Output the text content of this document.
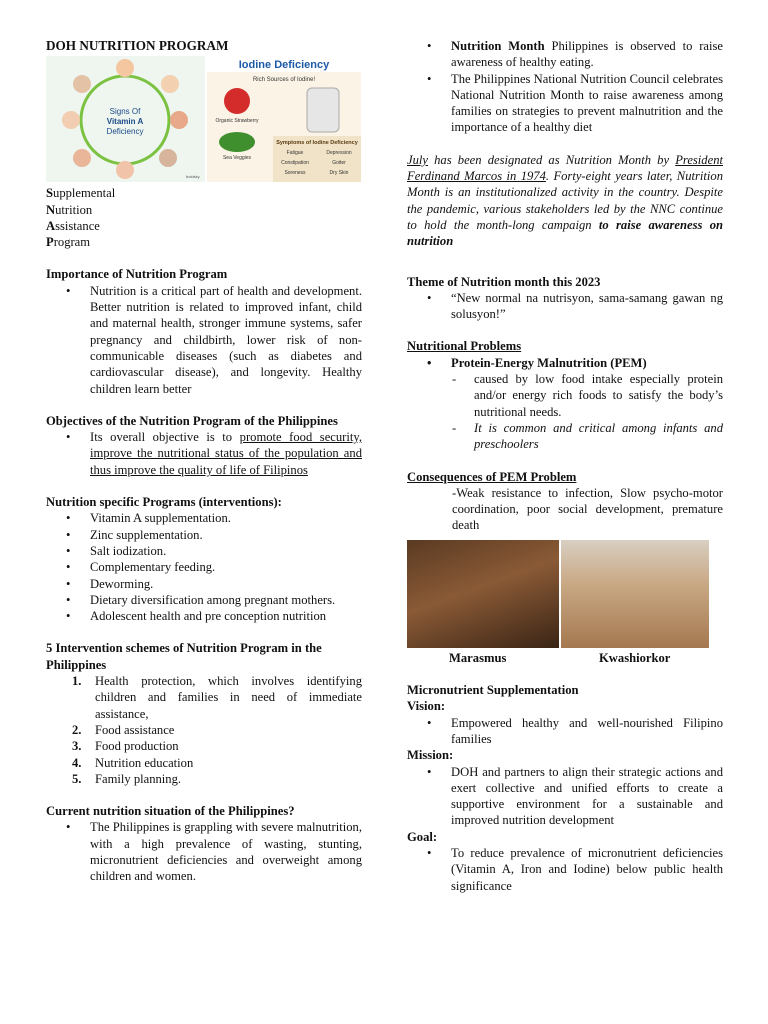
DOH NUTRITION PROGRAM
Signs Of
Vitamin A
Deficiency
boldsky
Iodine Deficiency
Rich Sources of Iodine!
Organic Strawberry
Sea Veggies
Symptoms of Iodine Deficiency
Fatigue	Depression
Constipation	Goiter
Soreness	Dry Skin
Supplemental
Nutrition
Assistance
Program
Importance of Nutrition Program
• Nutrition is a critical part of health and development. Better nutrition is related to improved infant, child and maternal health, stronger immune systems, safer pregnancy and childbirth, lower risk of non-communicable diseases (such as diabetes and cardiovascular disease), and longevity. Healthy children learn better
Objectives of the Nutrition Program of the Philippines
• Its overall objective is to promote food security, improve the nutritional status of the population and thus improve the quality of life of Filipinos
Nutrition specific Programs (interventions):
• Vitamin A supplementation.
• Zinc supplementation.
• Salt iodization.
• Complementary feeding.
• Deworming.
• Dietary diversification among pregnant mothers.
• Adolescent health and pre conception nutrition
5 Intervention schemes of Nutrition Program in the Philippines
1. Health protection, which involves identifying children and families in need of immediate assistance,
2. Food assistance
3. Food production
4. Nutrition education
5. Family planning.
Current nutrition situation of the Philippines?
• The Philippines is grappling with severe malnutrition, with a high prevalence of wasting, stunting, micronutrient deficiencies and overweight among children and women.
• Nutrition Month Philippines is observed to raise awareness of healthy eating.
• The Philippines National Nutrition Council celebrates National Nutrition Month to raise awareness among families on strategies to prevent malnutrition and the importance of a healthy diet

July has been designated as Nutrition Month by President Ferdinand Marcos in 1974. Forty-eight years later, Nutrition Month is an institutionalized activity in the country. Despite the pandemic, various stakeholders led by the NNC continue to hold the month-long campaign to raise awareness on nutrition

Theme of Nutrition month this 2023
• “New normal na nutrisyon, sama-samang gawan ng solusyon!”
Nutritional Problems
• Protein-Energy Malnutrition (PEM)
- caused by low food intake especially protein and/or energy rich foods to satisfy the body’s nutritional needs.
- It is common and critical among infants and preschoolers
Consequences of PEM Problem

-Weak resistance to infection, Slow psycho-motor coordination, poor social development, premature death

Marasmus	Kwashiorkor
Micronutrient Supplementation
Vision:
• Empowered healthy and well-nourished Filipino families
Mission:
• DOH and partners to align their strategic actions and exert collective and unified efforts to create a supportive environment for a sustainable and improved nutrition development
Goal:
• To reduce prevalence of micronutrient deficiencies (Vitamin A, Iron and Iodine) below public health significance
